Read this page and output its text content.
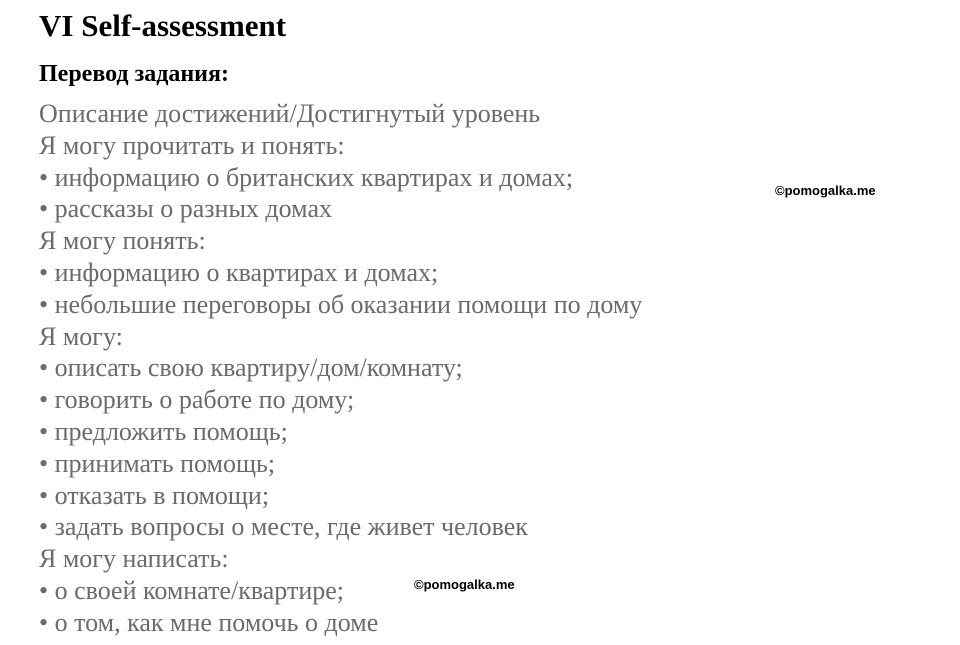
VI Self-assessment
Перевод задания:
Описание достижений/Достигнутый уровень
Я могу прочитать и понять:
• информацию о британских квартирах и домах;
• рассказы о разных домах
Я могу понять:
• информацию о квартирах и домах;
• небольшие переговоры об оказании помощи по дому
Я могу:
• описать свою квартиру/дом/комнату;
• говорить о работе по дому;
• предложить помощь;
• принимать помощь;
• отказать в помощи;
• задать вопросы о месте, где живет человек
Я могу написать:
• о своей комнате/квартире;
• о том, как мне помочь о доме
©pomogalka.me
©pomogalka.me
